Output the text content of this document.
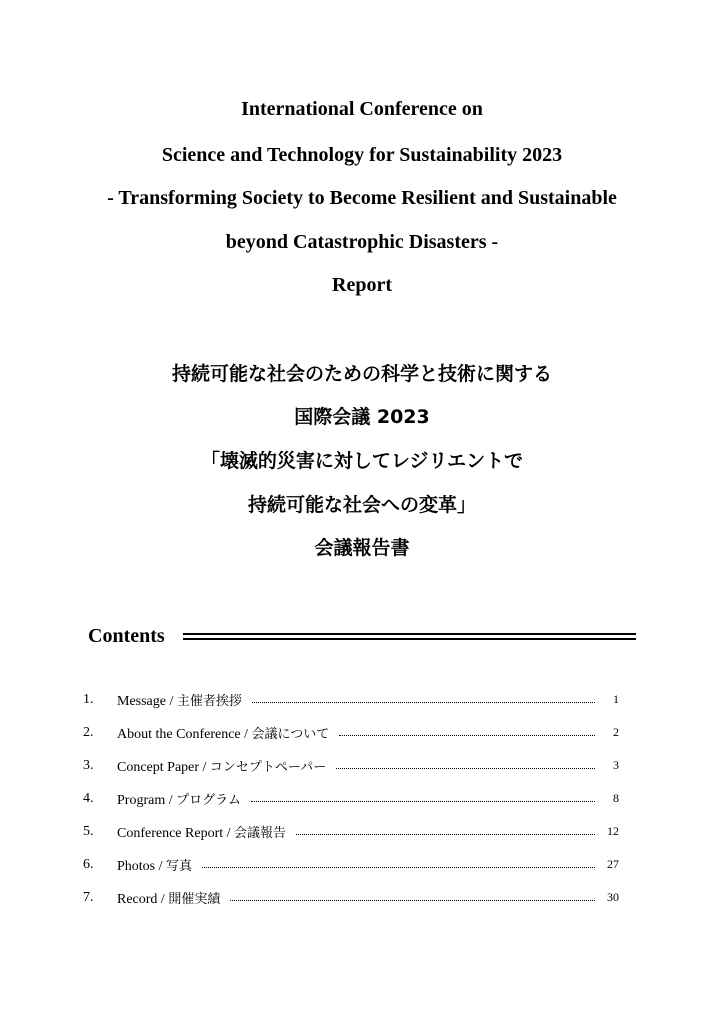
International Conference on
Science and Technology for Sustainability 2023
- Transforming Society to Become Resilient and Sustainable
beyond Catastrophic Disasters -
Report
持続可能な社会のための科学と技術に関する
国際会議 2023
「壊滅的災害に対してレジリエントで
持続可能な社会への変革」
会議報告書
Contents
1.	Message / 主催者挨拶	1
2.	About the Conference / 会議について	2
3.	Concept Paper / コンセプトペーパー	3
4.	Program / プログラム	8
5.	Conference Report / 会議報告	12
6.	Photos / 写真	27
7.	Record / 開催実績	30
